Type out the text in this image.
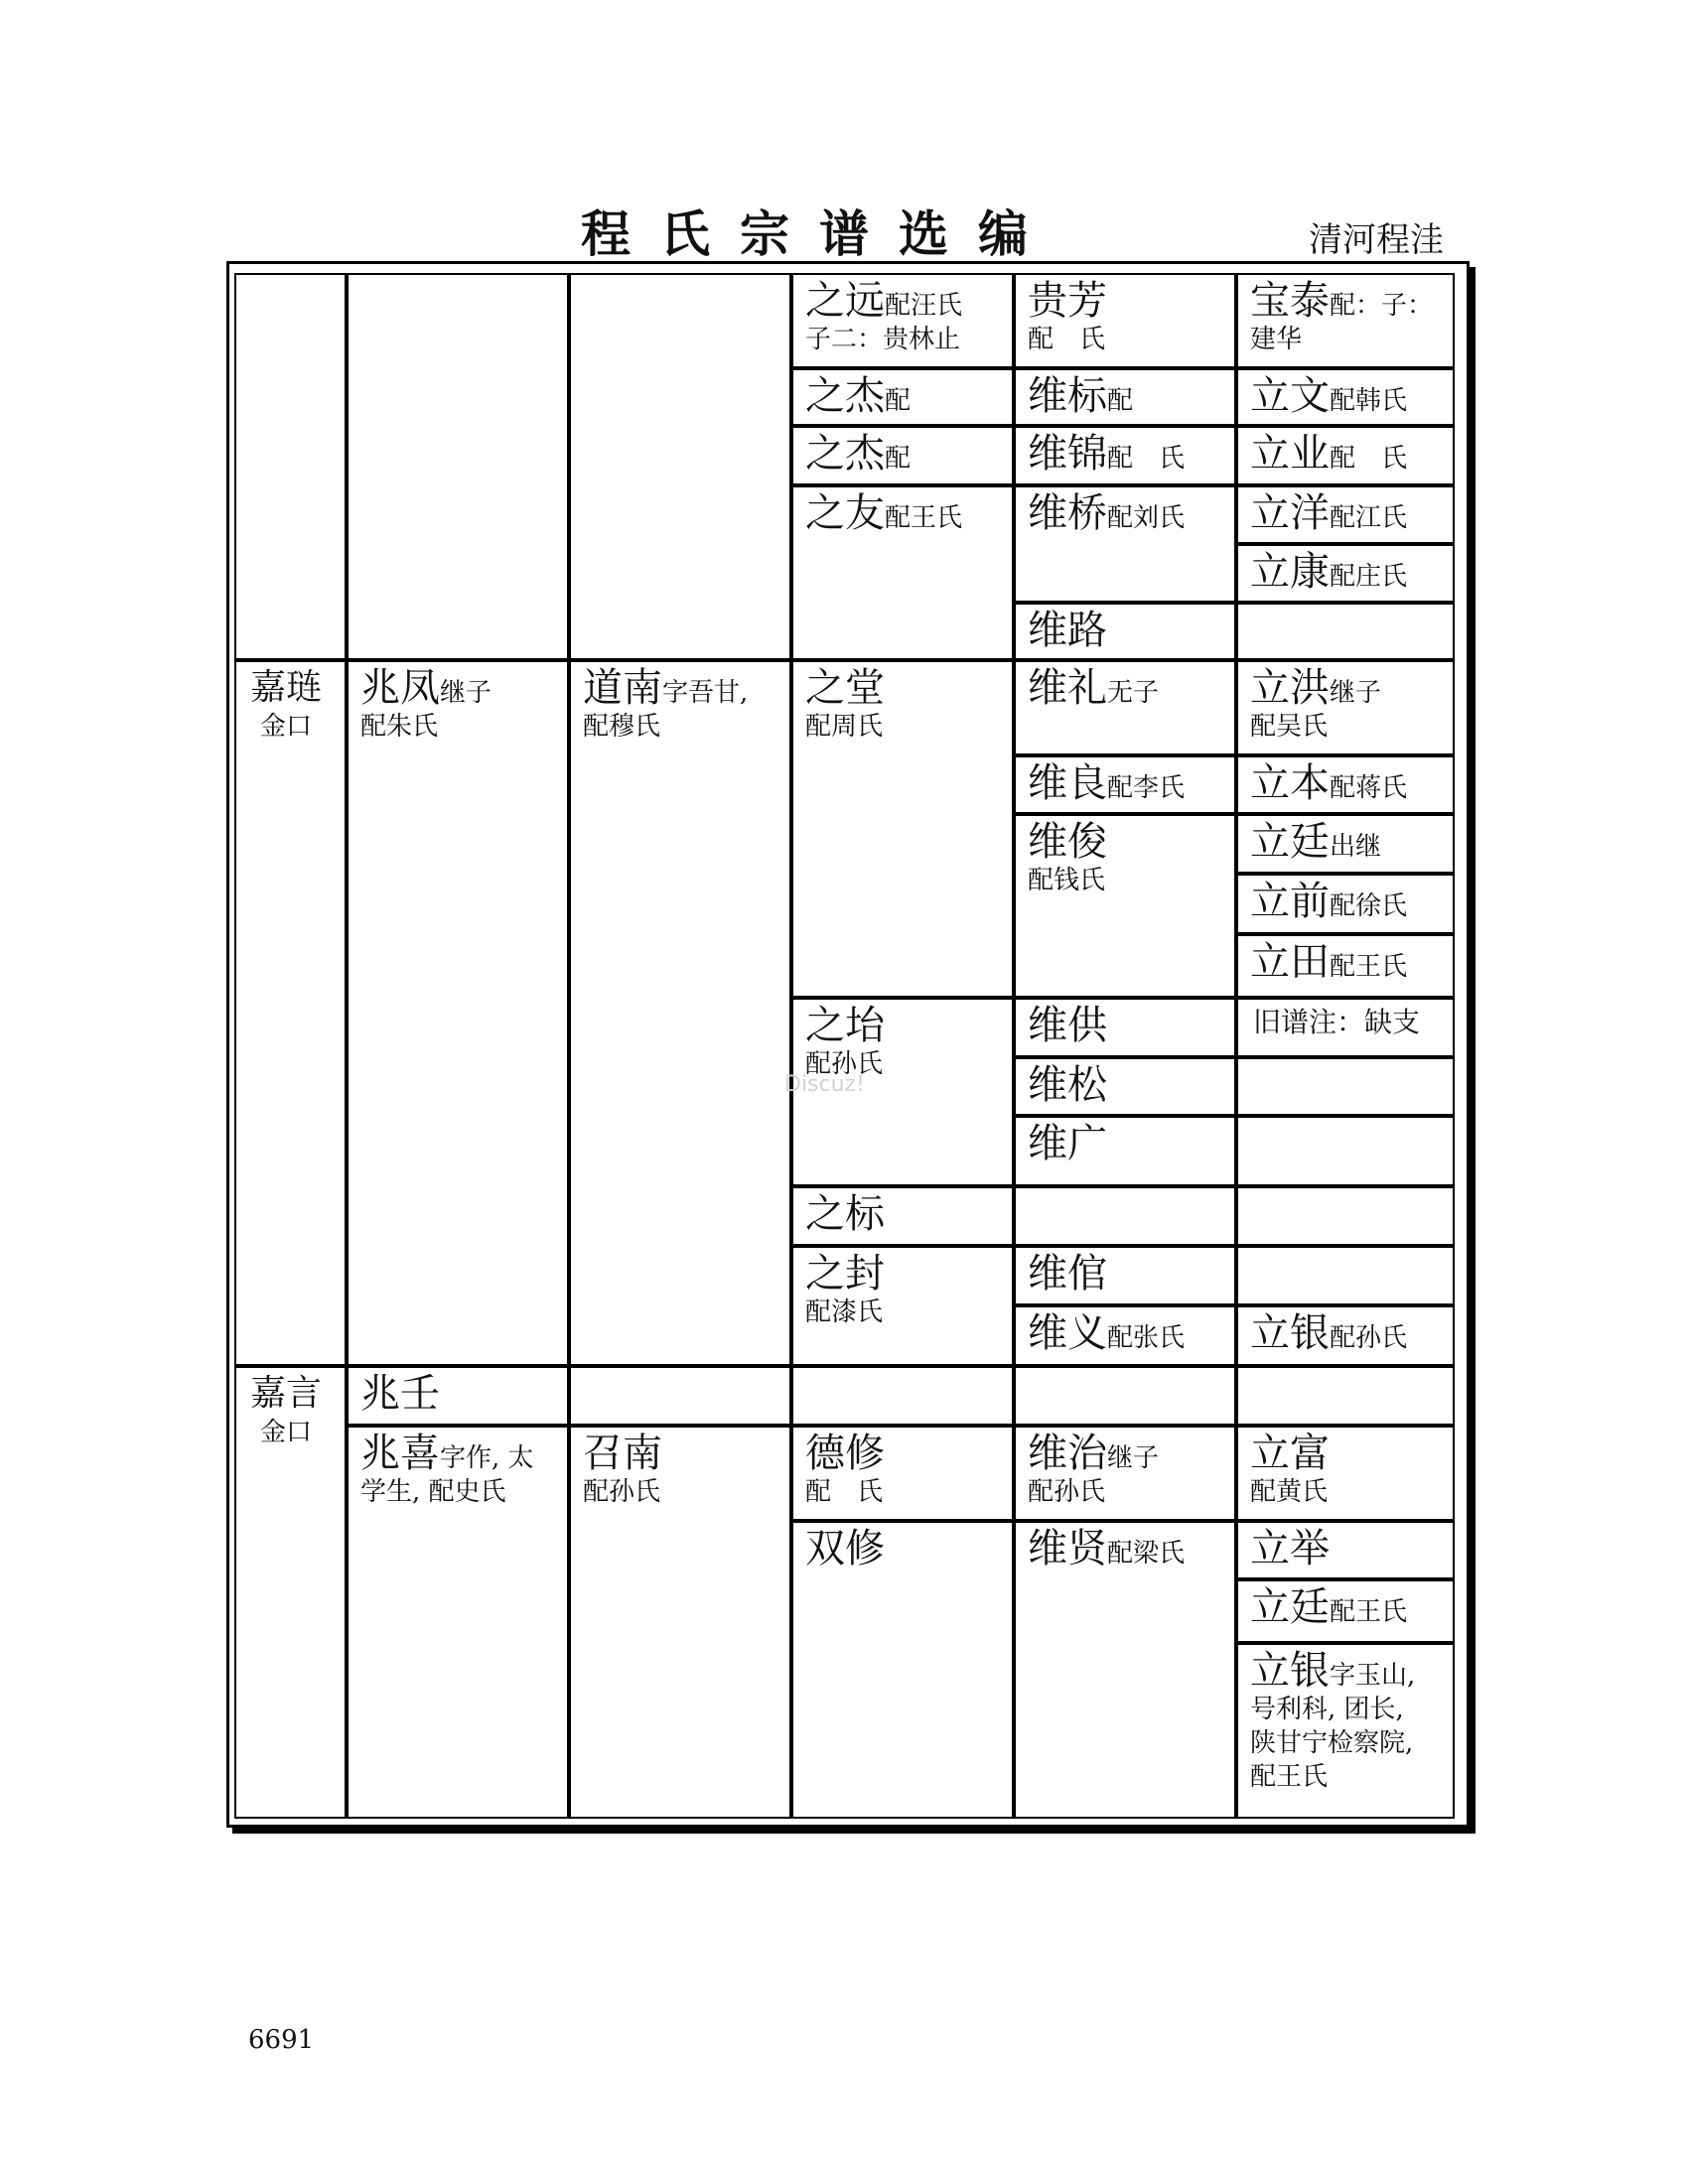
程氏宗谱选编	清河程洼
之远配汪氏
子二：贵林止
之杰配
之杰配
之友配王氏
贵芳
配　氏
维标配
维锦配　氏
维桥配刘氏
维路
宝泰配：子：
建华
立文配韩氏
立业配　氏
立洋配江氏
立康配庄氏
嘉琏
金口
兆凤继子
配朱氏
道南字吾甘,
配穆氏
之堂
配周氏
之坮
配孙氏
之标
之封
配漆氏
维礼无子
维良配李氏
维俊
配钱氏
维供
维松
维广
维倌
维义配张氏
立洪继子
配吴氏
立本配蒋氏
立廷出继
立前配徐氏
立田配王氏
立银配孙氏
旧谱注：缺支
嘉言
金口
兆壬
兆喜字作, 太
学生, 配史氏
召南
配孙氏
德修
配　氏
双修
维治继子
配孙氏
维贤配梁氏
立富
配黄氏
立举
立廷配王氏
立银字玉山,
号利科, 团长,
陕甘宁检察院,
配王氏
Discuz!
6691
